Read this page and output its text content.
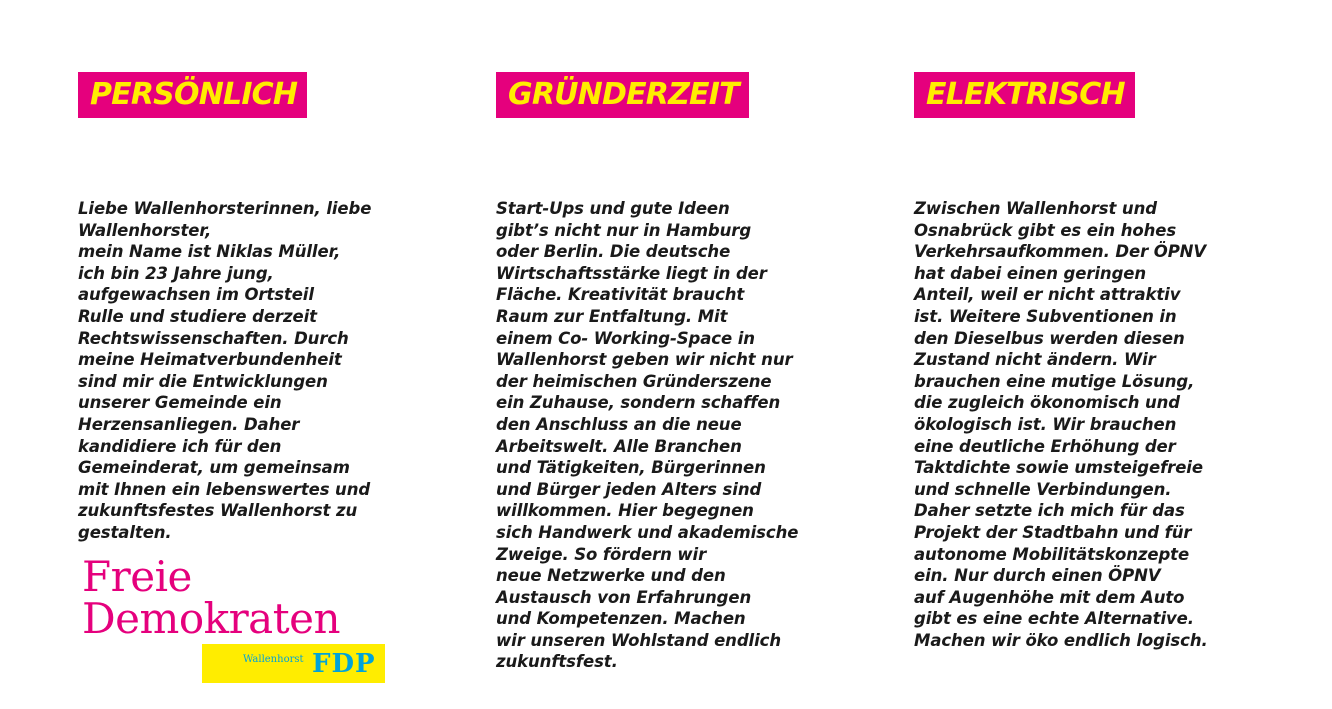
PERSÖNLICH
Liebe Wallenhorsterinnen, liebe
Wallenhorster,
mein Name ist Niklas Müller,
ich bin 23 Jahre jung,
aufgewachsen im Ortsteil
Rulle und studiere derzeit
Rechtswissenschaften. Durch
meine Heimatverbundenheit
sind mir die Entwicklungen
unserer Gemeinde ein
Herzensanliegen. Daher
kandidiere ich für den
Gemeinderat, um gemeinsam
mit Ihnen ein lebenswertes und
zukunftsfestes Wallenhorst zu
gestalten.
GRÜNDERZEIT
Start-Ups und gute Ideen
gibt’s nicht nur in Hamburg
oder Berlin. Die deutsche
Wirtschaftsstärke liegt in der
Fläche. Kreativität braucht
Raum zur Entfaltung. Mit
einem Co- Working-Space in
Wallenhorst geben wir nicht nur
der heimischen Gründerszene
ein Zuhause, sondern schaffen
den Anschluss an die neue
Arbeitswelt. Alle Branchen
und Tätigkeiten, Bürgerinnen
und Bürger jeden Alters sind
willkommen. Hier begegnen
sich Handwerk und akademische
Zweige. So fördern wir
neue Netzwerke und den
Austausch von Erfahrungen
und Kompetenzen. Machen
wir unseren Wohlstand endlich
zukunftsfest.
ELEKTRISCH
Zwischen Wallenhorst und
Osnabrück gibt es ein hohes
Verkehrsaufkommen. Der ÖPNV
hat dabei einen geringen
Anteil, weil er nicht attraktiv
ist. Weitere Subventionen in
den Dieselbus werden diesen
Zustand nicht ändern. Wir
brauchen eine mutige Lösung,
die zugleich ökonomisch und
ökologisch ist. Wir brauchen
eine deutliche Erhöhung der
Taktdichte sowie umsteigefreie
und schnelle Verbindungen.
Daher setzte ich mich für das
Projekt der Stadtbahn und für
autonome Mobilitätskonzepte
ein. Nur durch einen ÖPNV
auf Augenhöhe mit dem Auto
gibt es eine echte Alternative.
Machen wir öko endlich logisch.
Freie
Demokraten
Wallenhorst FDP
